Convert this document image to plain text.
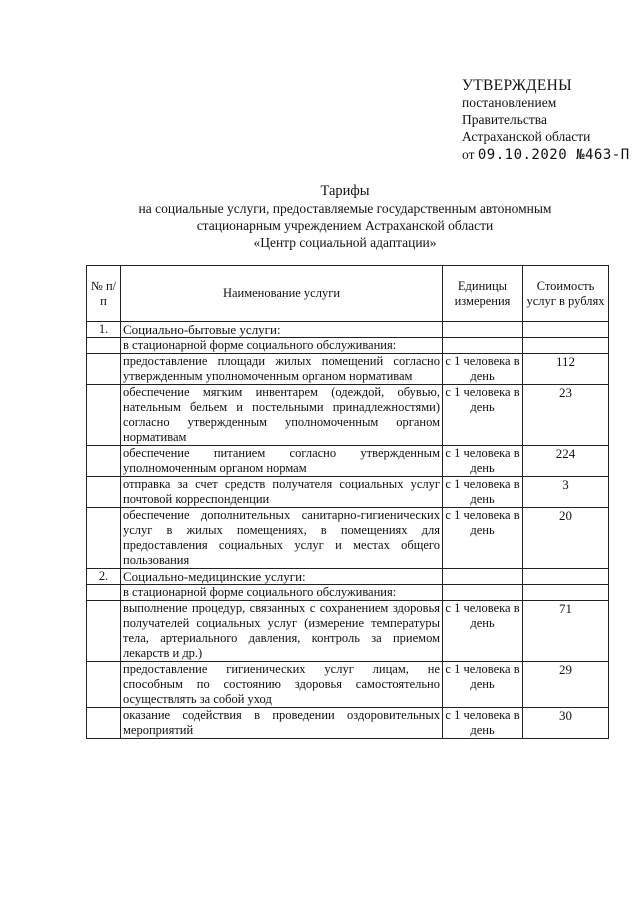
УТВЕРЖДЕНЫ
постановлением
Правительства
Астраханской области
от 09.10.2020 №463-П
Тарифы
на социальные услуги, предоставляемые государственным автономным
стационарным учреждением Астраханской области
«Центр социальной адаптации»
№ п/п	Наименование услуги	Единицы измерения	Стоимость услуг в рублях
1.	Социально-бытовые услуги:		
	в стационарной форме социального обслуживания:		
	предоставление площади жилых помещений согласно утвержденным уполномоченным органом нормативам	с 1 человека в день	112
	обеспечение мягким инвентарем (одеждой, обувью, нательным бельем и постельными принадлежностями) согласно утвержденным уполномоченным органом нормативам	с 1 человека в день	23
	обеспечение питанием согласно утвержденным уполномоченным органом нормам	с 1 человека в день	224
	отправка за счет средств получателя социальных услуг почтовой корреспонденции	с 1 человека в день	3
	обеспечение дополнительных санитарно-гигиенических услуг в жилых помещениях, в помещениях для предоставления социальных услуг и местах общего пользования	с 1 человека в день	20
2.	Социально-медицинские услуги:		
	в стационарной форме социального обслуживания:		
	выполнение процедур, связанных с сохранением здоровья получателей социальных услуг (измерение температуры тела, артериального давления, контроль за приемом лекарств и др.)	с 1 человека в день	71
	предоставление гигиенических услуг лицам, не способным по состоянию здоровья самостоятельно осуществлять за собой уход	с 1 человека в день	29
	оказание содействия в проведении оздоровительных мероприятий	с 1 человека в день	30
